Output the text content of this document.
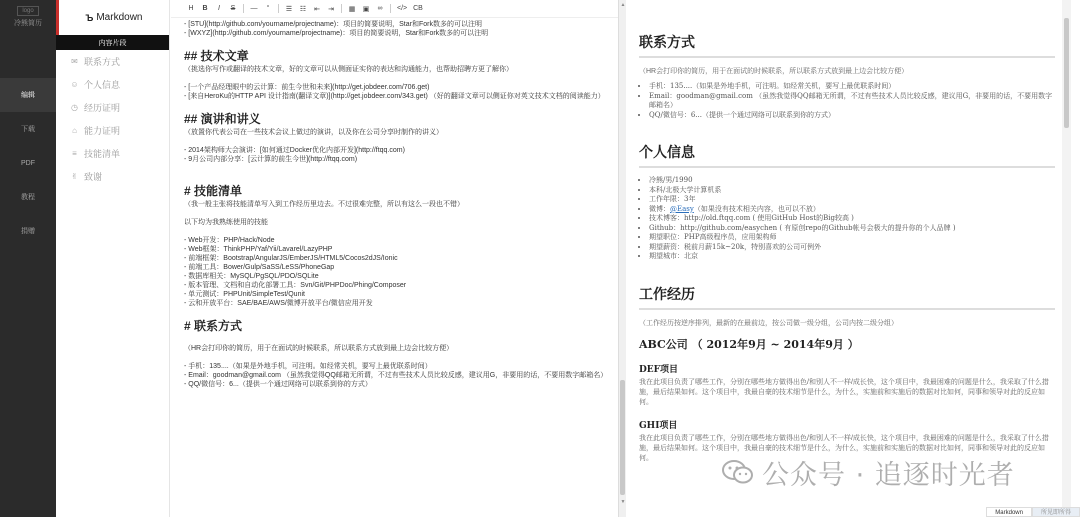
logo
冷熊简历
编辑
下载
PDF
教程
捐赠
Ъ Markdown
内容片段
✉ 联系方式
☺ 个人信息
◷ 经历证明
⌂ 能力证明
≡ 技能清单
✌ 致谢
H	B	I	S	—	“	☰	☷	⇤	⇥	▦	▣	∞	</> CB
- [STU](http://github.com/yourname/projectname)：项目的简要说明，Star和Fork数多的可以注明
- [WXYZ](http://github.com/yourname/projectname)：项目的简要说明，Star和Fork数多的可以注明
## 技术文章
（挑选你写作或翻译的技术文章，好的文章可以从侧面证实你的表达和沟通能力，也帮助招聘方更了解你）
- [一个产品经理眼中的云计算：前生今世和未来](http://get.jobdeer.com/706.get)
- [来自HeroKu的HTTP API 设计指南(翻译文章)](http://get.jobdeer.com/343.get) （好的翻译文章可以侧证你对英文技术文档的阅读能力）
## 演讲和讲义
（放置你代表公司在一些技术会议上做过的演讲，以及你在公司分享时制作的讲义）
- 2014架构师大会演讲：[如何通过Docker优化内部开发](http://ftqq.com)
- 9月公司内部分享：[云计算的前生今世](http://ftqq.com)
# 技能清单
（我一般主张将技能清单写入到工作经历里边去。不过很难完整，所以有这么一段也不错）
以下均为我熟练使用的技能
- Web开发：PHP/Hack/Node
- Web框架：ThinkPHP/Yaf/Yii/Lavarel/LazyPHP
- 前端框架：Bootstrap/AngularJS/EmberJS/HTML5/Cocos2dJS/Ionic
- 前端工具：Bower/Gulp/SaSS/LeSS/PhoneGap
- 数据库相关：MySQL/PgSQL/PDO/SQLite
- 版本管理、文档和自动化部署工具：Svn/Git/PHPDoc/Phing/Composer
- 单元测试：PHPUnit/SimpleTest/Qunit
- 云和开放平台：SAE/BAE/AWS/微博开放平台/微信应用开发
# 联系方式
（HR会打印你的简历，用于在面试的时候联系，所以联系方式放到最上边会比较方便）
- 手机：135....（如果是外地手机，可注明。如经常关机，要写上最优联系时间）
- Email：goodman@gmail.com （虽然我觉得QQ邮箱无所谓，不过有些技术人员比较反感，建议用G，非要用的话，不要用数字邮箱名）
- QQ/微信号：6...（提供一个通过网络可以联系到你的方式）
▲
▼
联系方式
（HR会打印你的简历，用于在面试的时候联系，所以联系方式放到最上边会比较方便）
• 手机：135....（如果是外地手机，可注明。如经常关机，要写上最优联系时间）
• Email：goodman@gmail.com （虽然我觉得QQ邮箱无所谓，不过有些技术人员比较反感，建议用G，非要用的话，不要用数字邮箱名）
• QQ/微信号：6...（提供一个通过网络可以联系到你的方式）
个人信息
• 冷熊/男/1990
• 本科/北极大学计算机系
• 工作年限：3年
• 微博：@Easy（如果没有技术相关内容，也可以不放）
• 技术博客：http://old.ftqq.com ( 使用GitHub Host的Big较高 )
• Github：http://github.com/easychen ( 有原创repo的Github帐号会极大的提升你的个人品牌 )
• 期望职位：PHP高级程序员，应用架构师
• 期望薪资：税前月薪15k~20k，特别喜欢的公司可例外
• 期望城市：北京
工作经历
（工作经历按逆序排列，最新的在最前边，按公司做一级分组，公司内按二级分组）
ABC公司 （ 2012年9月 ~ 2014年9月 ）
DEF项目

我在此项目负责了哪些工作，分别在哪些地方做得出色/和别人不一样/成长快，这个项目中，我最困难的问题是什么，我采取了什么措施，最后结果如何。这个项目中，我最自豪的技术细节是什么，为什么，实施前和实施后的数据对比如何，同事和领导对此的反应如何。

GHI项目

我在此项目负责了哪些工作，分别在哪些地方做得出色/和别人不一样/成长快，这个项目中，我最困难的问题是什么，我采取了什么措施，最后结果如何。这个项目中，我最自豪的技术细节是什么，为什么，实施前和实施后的数据对比如何，同事和领导对此的反应如何。

公众号 · 追逐时光者
Markdown	所见即所得
